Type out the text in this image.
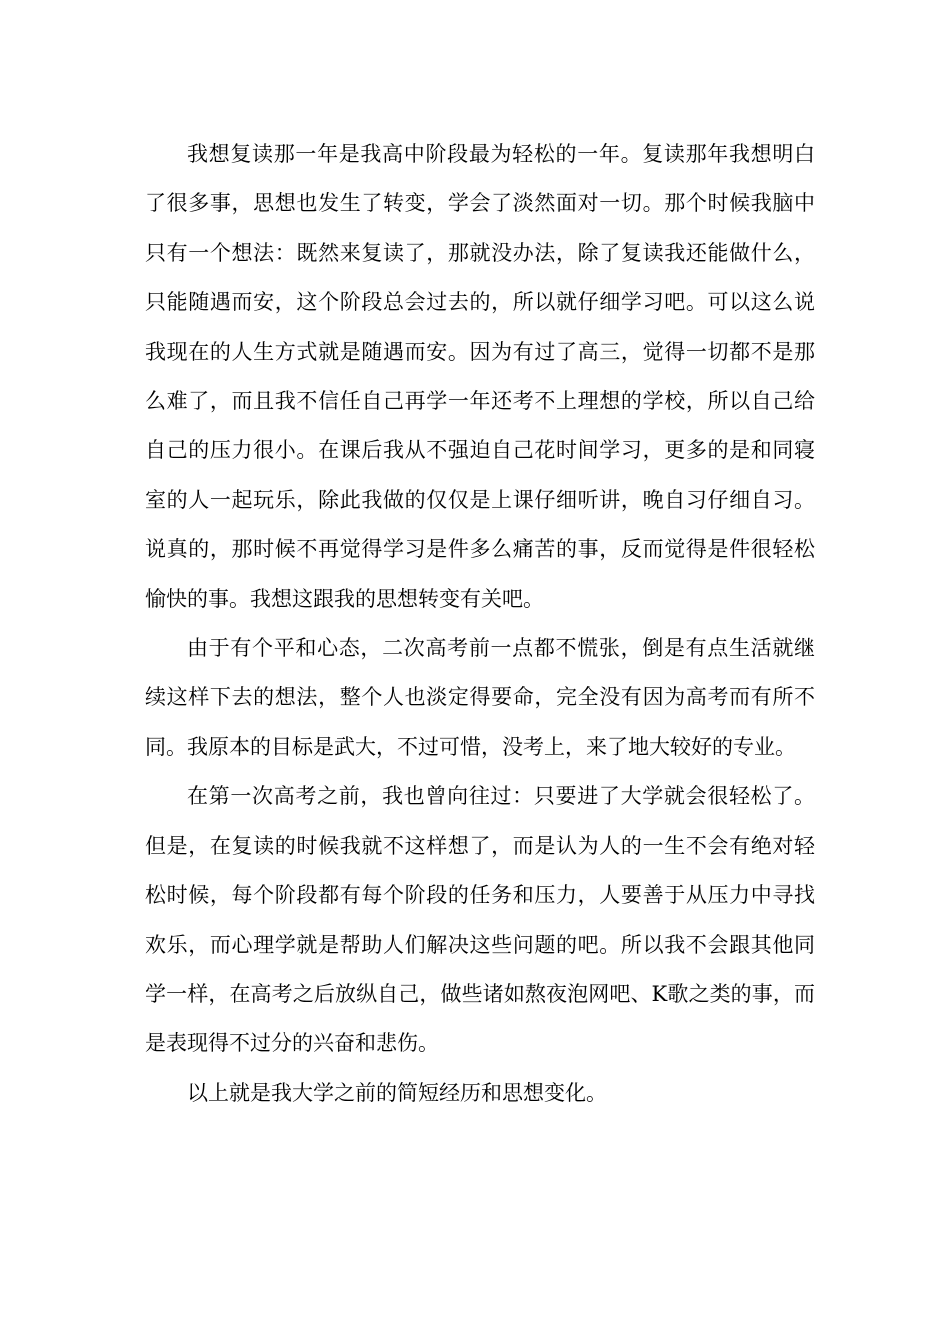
我想复读那一年是我高中阶段最为轻松的一年。复读那年我想明白了很多事，思想也发生了转变，学会了淡然面对一切。那个时候我脑中只有一个想法：既然来复读了，那就没办法，除了复读我还能做什么，只能随遇而安，这个阶段总会过去的，所以就仔细学习吧。可以这么说我现在的人生方式就是随遇而安。因为有过了高三，觉得一切都不是那么难了，而且我不信任自己再学一年还考不上理想的学校，所以自己给自己的压力很小。在课后我从不强迫自己花时间学习，更多的是和同寝室的人一起玩乐，除此我做的仅仅是上课仔细听讲，晚自习仔细自习。说真的，那时候不再觉得学习是件多么痛苦的事，反而觉得是件很轻松愉快的事。我想这跟我的思想转变有关吧。

由于有个平和心态，二次高考前一点都不慌张，倒是有点生活就继续这样下去的想法，整个人也淡定得要命，完全没有因为高考而有所不同。我原本的目标是武大，不过可惜，没考上，来了地大较好的专业。

在第一次高考之前，我也曾向往过：只要进了大学就会很轻松了。但是，在复读的时候我就不这样想了，而是认为人的一生不会有绝对轻松时候，每个阶段都有每个阶段的任务和压力，人要善于从压力中寻找欢乐，而心理学就是帮助人们解决这些问题的吧。所以我不会跟其他同学一样，在高考之后放纵自己，做些诸如熬夜泡网吧、K歌之类的事，而是表现得不过分的兴奋和悲伤。

以上就是我大学之前的简短经历和思想变化。
